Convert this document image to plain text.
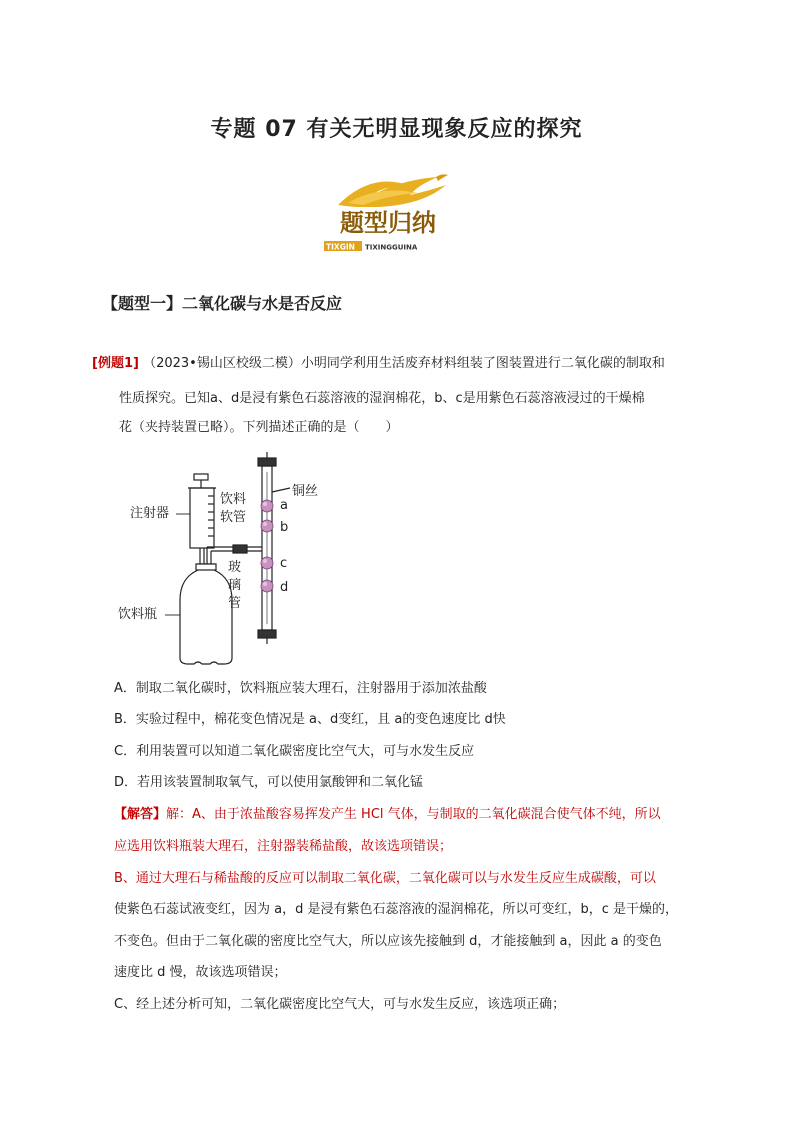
专题 07 有关无明显现象反应的探究
题型归纳
TIXGIN TIXINGGUINA
【题型一】二氧化碳与水是否反应
[例题1] （2023•锡山区校级二模）小明同学利用生活废弃材料组装了图装置进行二氧化碳的制取和
性质探究。已知a、d是浸有紫色石蕊溶液的湿润棉花，b、c是用紫色石蕊溶液浸过的干燥棉
花（夹持装置已略）。下列描述正确的是（　　）
注射器
饮料
软管
铜丝
a
b
c
d
玻
璃
管
饮料瓶
A．制取二氧化碳时，饮料瓶应装大理石，注射器用于添加浓盐酸
B．实验过程中，棉花变色情况是 a、d变红，且 a的变色速度比 d快
C．利用装置可以知道二氧化碳密度比空气大，可与水发生反应
D．若用该装置制取氧气，可以使用氯酸钾和二氧化锰
【解答】解：A、由于浓盐酸容易挥发产生 HCl 气体，与制取的二氧化碳混合使气体不纯，所以
应选用饮料瓶装大理石，注射器装稀盐酸，故该选项错误；
B、通过大理石与稀盐酸的反应可以制取二氧化碳，二氧化碳可以与水发生反应生成碳酸，可以
使紫色石蕊试液变红，因为 a，d 是浸有紫色石蕊溶液的湿润棉花，所以可变红，b，c 是干燥的，
不变色。但由于二氧化碳的密度比空气大，所以应该先接触到 d，才能接触到 a，因此 a 的变色
速度比 d 慢，故该选项错误；
C、经上述分析可知，二氧化碳密度比空气大，可与水发生反应，该选项正确；
